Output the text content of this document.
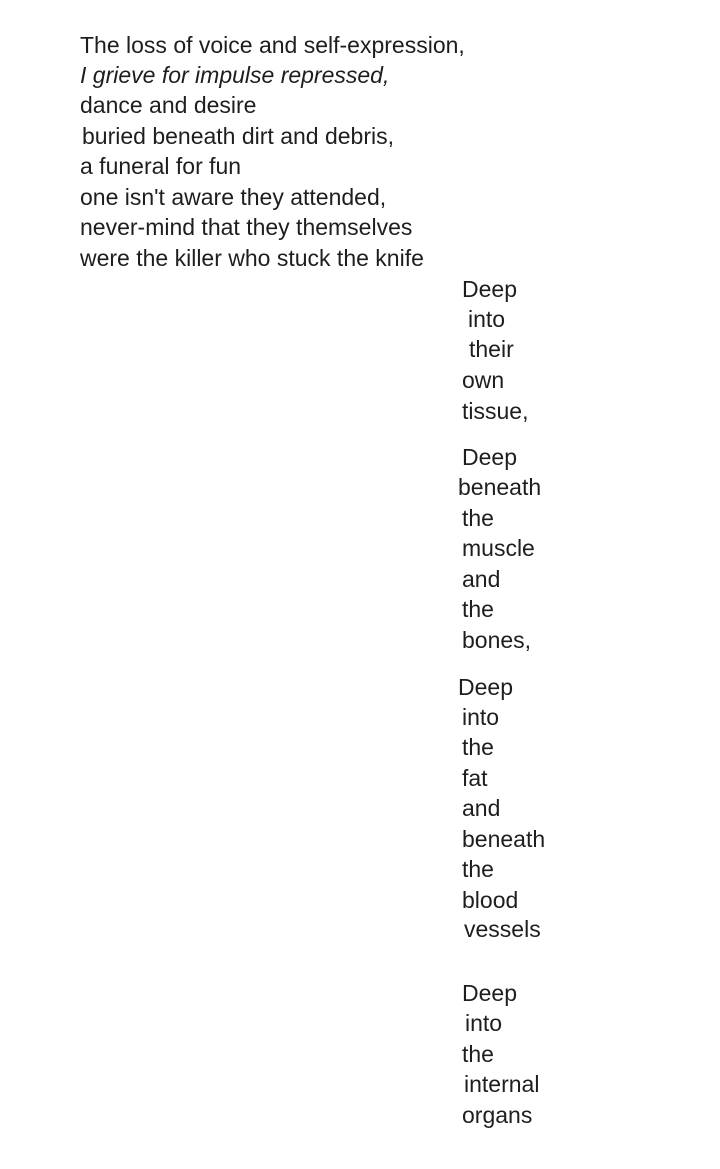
The loss of voice and self-expression,

I grieve for impulse repressed,

dance and desire

buried beneath dirt and debris,

a funeral for fun

one isn't aware they attended,

never-mind that they themselves

were the killer who stuck the knife

Deep

into

their

own

tissue,

Deep

beneath

the

muscle

and

the

bones,

Deep

into

the

fat

and

beneath

the

blood

vessels

Deep

into

the

internal

organs
